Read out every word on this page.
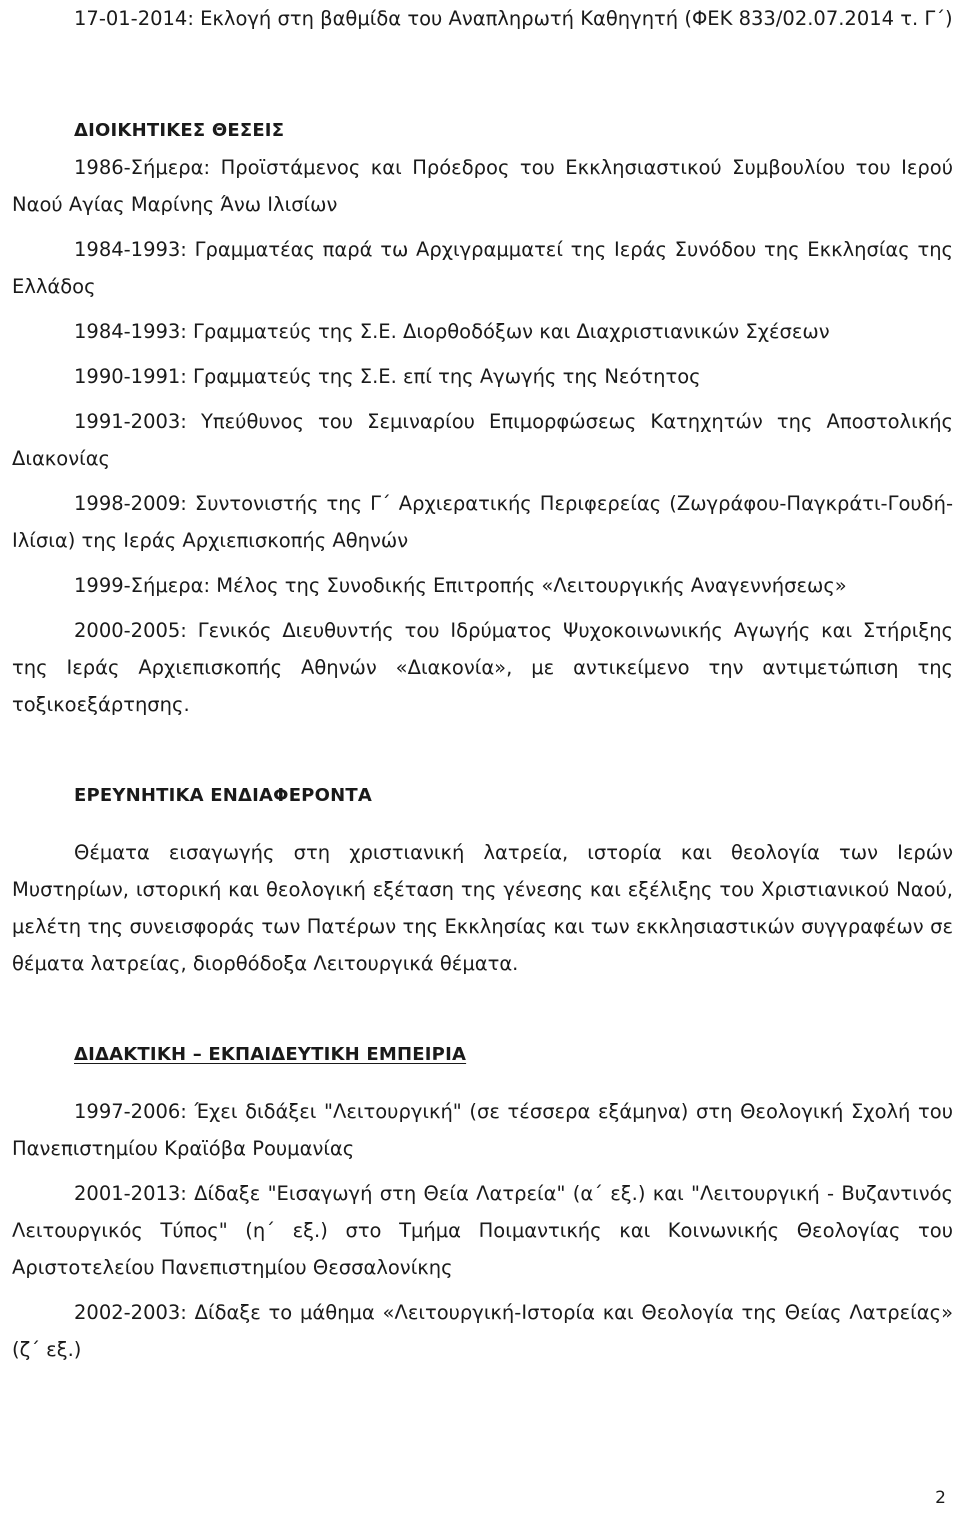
17-01-2014: Εκλογή στη βαθμίδα του Αναπληρωτή Καθηγητή (ΦΕΚ 833/02.07.2014 τ. Γ΄)

ΔΙΟΙΚΗΤΙΚΕΣ ΘΕΣΕΙΣ

1986-Σήμερα: Προϊστάμενος και Πρόεδρος του Εκκλησιαστικού Συμβουλίου του Ιερού Ναού Αγίας Μαρίνης Άνω Ιλισίων

1984-1993: Γραμματέας παρά τω Αρχιγραμματεί της Ιεράς Συνόδου της Εκκλησίας της Ελλάδος

1984-1993: Γραμματεύς της Σ.Ε. Διορθοδόξων και Διαχριστιανικών Σχέσεων

1990-1991: Γραμματεύς της Σ.Ε. επί της Αγωγής της Νεότητος

1991-2003: Υπεύθυνος του Σεμιναρίου Επιμορφώσεως Κατηχητών της Αποστολικής Διακονίας

1998-2009: Συντονιστής της Γ΄ Αρχιερατικής Περιφερείας (Ζωγράφου-Παγκράτι-Γουδή-Ιλίσια) της Ιεράς Αρχιεπισκοπής Αθηνών

1999-Σήμερα: Μέλος της Συνοδικής Επιτροπής «Λειτουργικής Αναγεννήσεως»

2000-2005: Γενικός Διευθυντής του Ιδρύματος Ψυχοκοινωνικής Αγωγής και Στήριξης της Ιεράς Αρχιεπισκοπής Αθηνών «Διακονία», με αντικείμενο την αντιμετώπιση της τοξικοεξάρτησης.

ΕΡΕΥΝΗΤΙΚΑ ΕΝΔΙΑΦΕΡΟΝΤΑ

Θέματα εισαγωγής στη χριστιανική λατρεία, ιστορία και θεολογία των Ιερών Μυστηρίων, ιστορική και θεολογική εξέταση της γένεσης και εξέλιξης του Χριστιανικού Ναού, μελέτη της συνεισφοράς των Πατέρων της Εκκλησίας και των εκκλησιαστικών συγγραφέων σε θέματα λατρείας, διορθόδοξα Λειτουργικά θέματα.

ΔΙΔΑΚΤΙΚΗ – ΕΚΠΑΙΔΕΥΤΙΚΗ ΕΜΠΕΙΡΙΑ

1997-2006: Έχει διδάξει "Λειτουργική" (σε τέσσερα εξάμηνα) στη Θεολογική Σχολή του Πανεπιστημίου Κραϊόβα Ρουμανίας

2001-2013: Δίδαξε "Εισαγωγή στη Θεία Λατρεία" (α΄ εξ.) και "Λειτουργική - Βυζαντινός Λειτουργικός Τύπος" (η΄ εξ.) στο Τμήμα Ποιμαντικής και Κοινωνικής Θεολογίας του Αριστοτελείου Πανεπιστημίου Θεσσαλονίκης

2002-2003: Δίδαξε το μάθημα «Λειτουργική-Ιστορία και Θεολογία της Θείας Λατρείας» (ζ΄ εξ.)

2
